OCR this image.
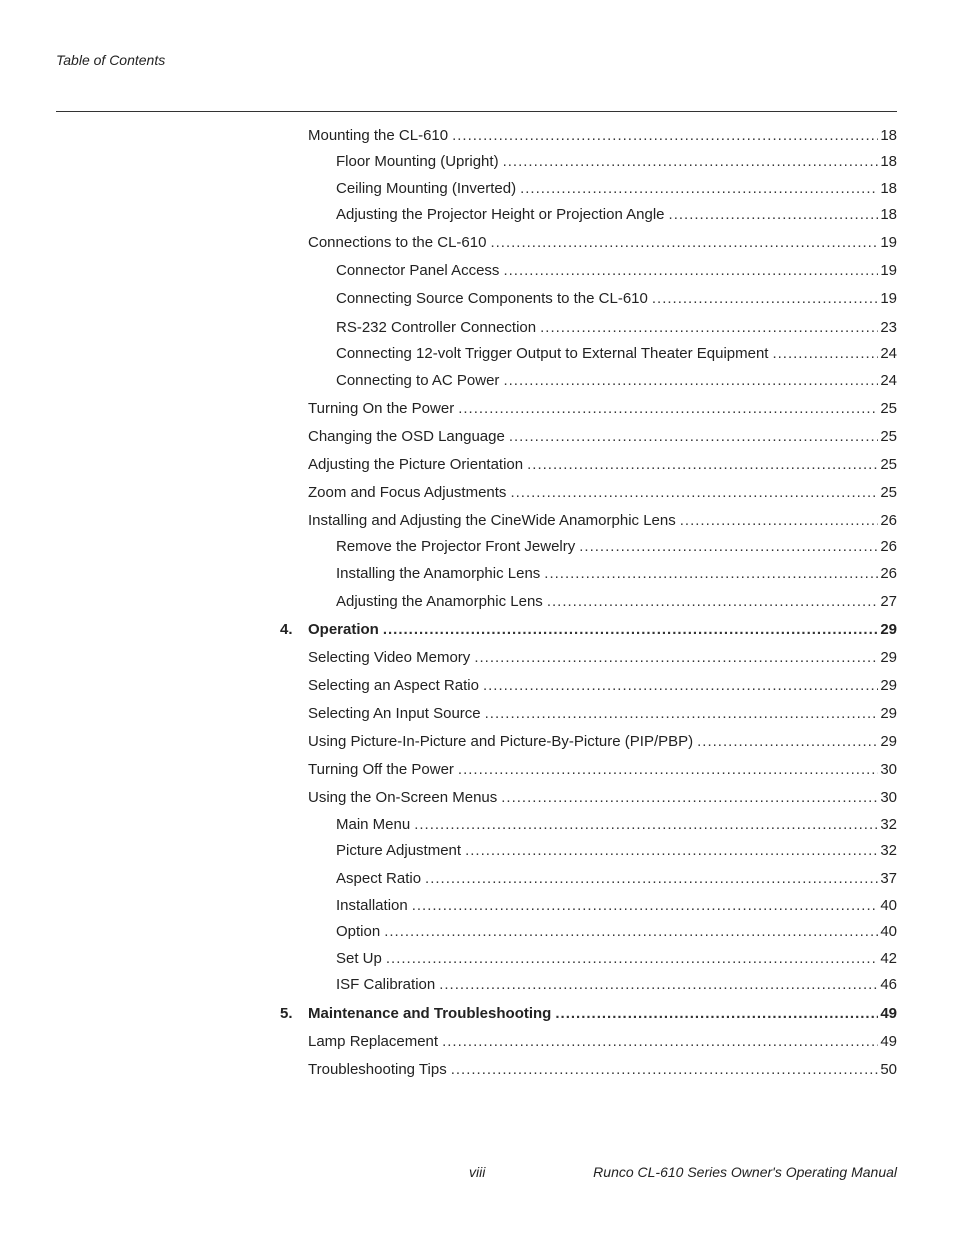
Table of Contents
Mounting the CL-610 .....	18
Floor Mounting (Upright) .....	18
Ceiling Mounting (Inverted) .....	18
Adjusting the Projector Height or Projection Angle .....	18
Connections to the CL-610 .....	19
Connector Panel Access .....	19
Connecting Source Components to the CL-610 .....	19
RS-232 Controller Connection .....	23
Connecting 12-volt Trigger Output to External Theater Equipment .....	24
Connecting to AC Power .....	24
Turning On the Power .....	25
Changing the OSD Language .....	25
Adjusting the Picture Orientation .....	25
Zoom and Focus Adjustments .....	25
Installing and Adjusting the CineWide Anamorphic Lens .....	26
Remove the Projector Front Jewelry .....	26
Installing the Anamorphic Lens .....	26
Adjusting the Anamorphic Lens .....	27
4.	Operation .....	29
Selecting Video Memory .....	29
Selecting an Aspect Ratio .....	29
Selecting An Input Source .....	29
Using Picture-In-Picture and Picture-By-Picture (PIP/PBP) .....	29
Turning Off the Power .....	30
Using the On-Screen Menus .....	30
Main Menu .....	32
Picture Adjustment .....	32
Aspect Ratio .....	37
Installation .....	40
Option .....	40
Set Up .....	42
ISF Calibration .....	46
5.	Maintenance and Troubleshooting .....	49
Lamp Replacement .....	49
Troubleshooting Tips .....	50
viii	Runco CL-610 Series Owner's Operating Manual
